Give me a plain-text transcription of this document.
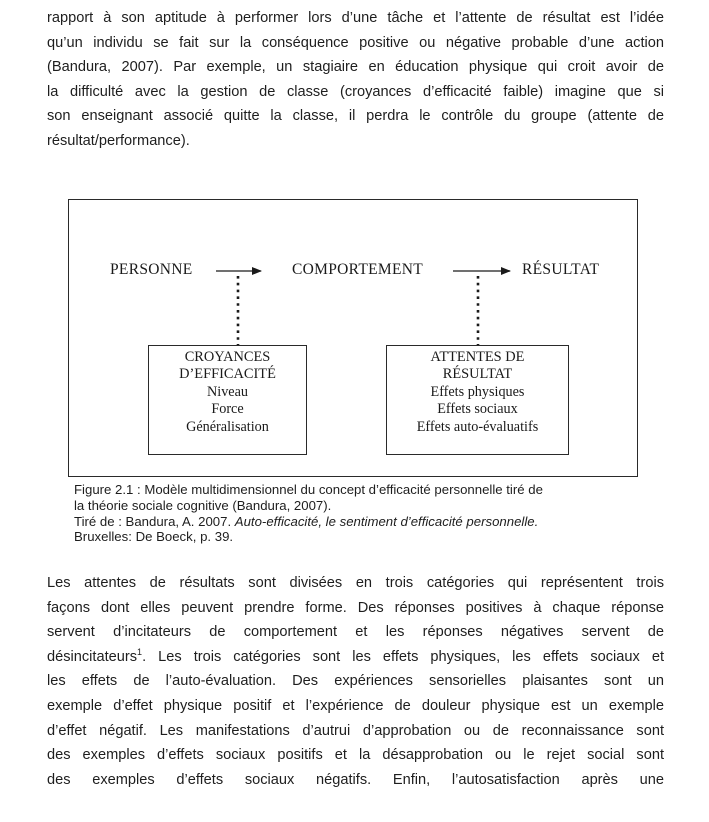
rapport à son aptitude à performer lors d’une tâche et l’attente de résultat est l’idée
qu’un individu se fait sur la conséquence positive ou négative probable d’une action
(Bandura, 2007). Par exemple, un stagiaire en éducation physique qui croit avoir de
la difficulté avec la gestion de classe (croyances d’efficacité faible) imagine que si
son enseignant associé quitte la classe, il perdra le contrôle du groupe (attente de
résultat/performance).
PERSONNE	COMPORTEMENT	RÉSULTAT
CROYANCES
D’EFFICACITÉ
Niveau
Force
Généralisation
ATTENTES DE
RÉSULTAT
Effets physiques
Effets sociaux
Effets auto-évaluatifs
Figure 2.1 : Modèle multidimensionnel du concept d’efficacité personnelle tiré de
la théorie sociale cognitive (Bandura, 2007).
Tiré de : Bandura, A. 2007. Auto-efficacité, le sentiment d’efficacité personnelle.
Bruxelles: De Boeck, p. 39.
Les attentes de résultats sont divisées en trois catégories qui représentent trois
façons dont elles peuvent prendre forme. Des réponses positives à chaque réponse
servent d’incitateurs de comportement et les réponses négatives servent de
désincitateurs$^1$. Les trois catégories sont les effets physiques, les effets sociaux et
les effets de l’auto-évaluation. Des expériences sensorielles plaisantes sont un
exemple d’effet physique positif et l’expérience de douleur physique est un exemple
d’effet négatif. Les manifestations d’autrui d’approbation ou de reconnaissance sont
des exemples d’effets sociaux positifs et la désapprobation ou le rejet social sont
des exemples d’effets sociaux négatifs. Enfin, l’autosatisfaction après une
